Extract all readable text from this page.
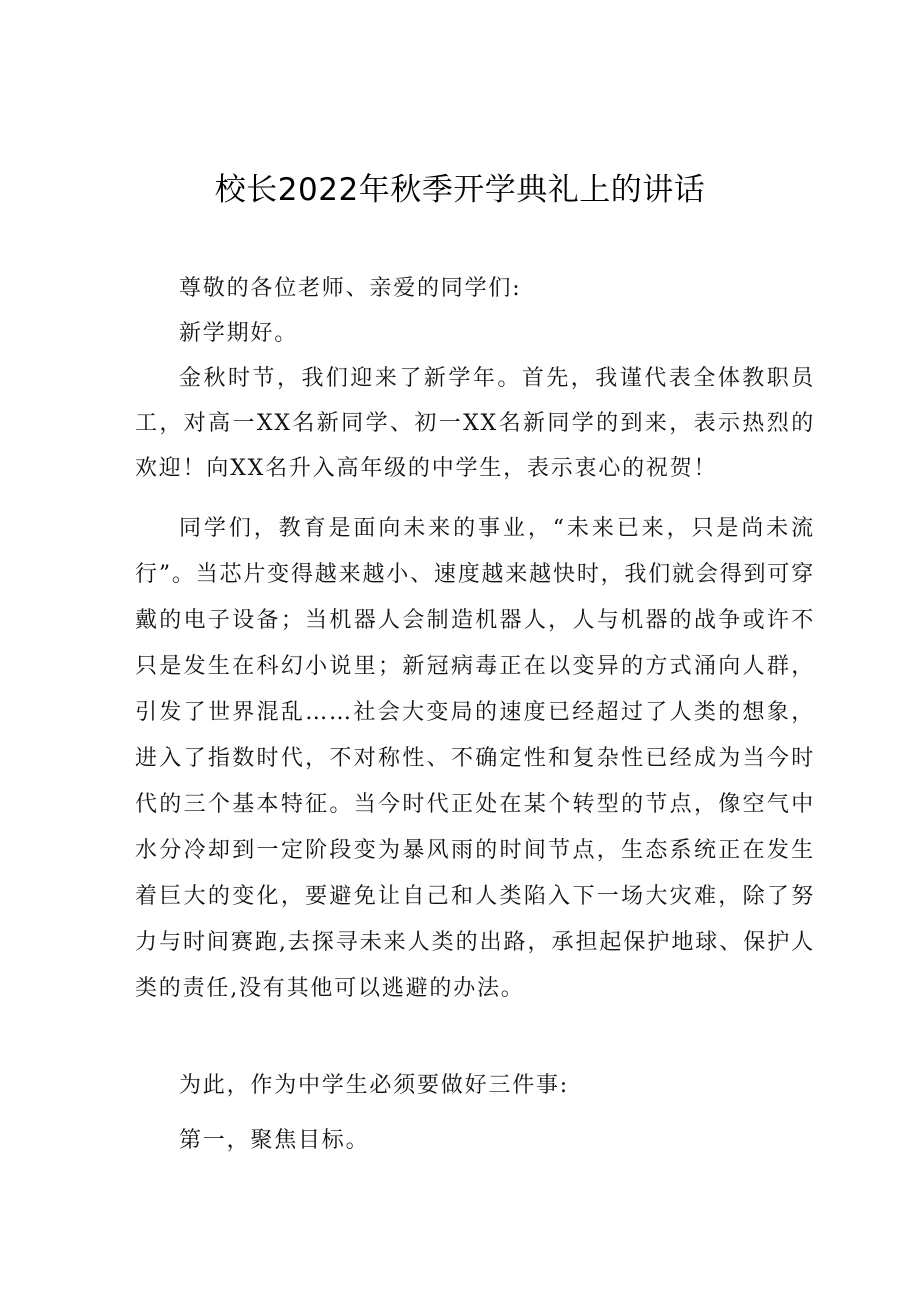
校长2022年秋季开学典礼上的讲话

尊敬的各位老师、亲爱的同学们:

新学期好。

金秋时节，我们迎来了新学年。首先，我谨代表全体教职员工，对高一XX名新同学、初一XX名新同学的到来，表示热烈的欢迎！向XX名升入高年级的中学生，表示衷心的祝贺！

同学们，教育是面向未来的事业，“未来已来，只是尚未流行”。当芯片变得越来越小、速度越来越快时，我们就会得到可穿戴的电子设备；当机器人会制造机器人，人与机器的战争或许不只是发生在科幻小说里；新冠病毒正在以变异的方式涌向人群，引发了世界混乱……社会大变局的速度已经超过了人类的想象，进入了指数时代，不对称性、不确定性和复杂性已经成为当今时代的三个基本特征。当今时代正处在某个转型的节点，像空气中水分冷却到一定阶段变为暴风雨的时间节点，生态系统正在发生着巨大的变化，要避免让自己和人类陷入下一场大灾难，除了努力与时间赛跑,去探寻未来人类的出路，承担起保护地球、保护人类的责任,没有其他可以逃避的办法。

为此，作为中学生必须要做好三件事:

第一，聚焦目标。
